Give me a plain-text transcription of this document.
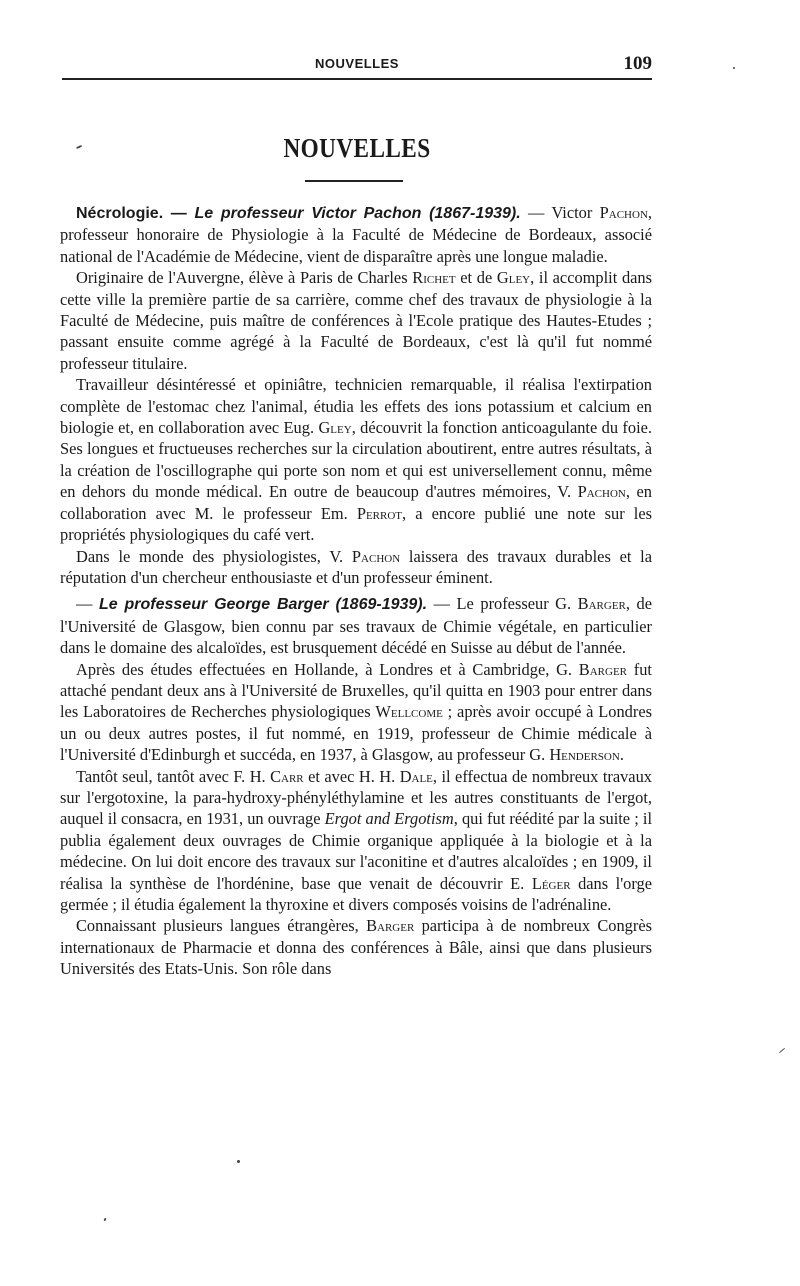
NOUVELLES	109
NOUVELLES

Nécrologie. — Le professeur Victor Pachon (1867-1939). — Victor Pachon, professeur honoraire de Physiologie à la Faculté de Médecine de Bordeaux, associé national de l'Académie de Médecine, vient de disparaître après une longue maladie.

Originaire de l'Auvergne, élève à Paris de Charles Richet et de Gley, il accomplit dans cette ville la première partie de sa carrière, comme chef des travaux de physiologie à la Faculté de Médecine, puis maître de conférences à l'Ecole pratique des Hautes-Etudes ; passant ensuite comme agrégé à la Faculté de Bordeaux, c'est là qu'il fut nommé professeur titulaire.

Travailleur désintéressé et opiniâtre, technicien remarquable, il réalisa l'extirpation complète de l'estomac chez l'animal, étudia les effets des ions potassium et calcium en biologie et, en collaboration avec Eug. Gley, découvrit la fonction anticoagulante du foie. Ses longues et fructueuses recherches sur la circulation aboutirent, entre autres résultats, à la création de l'oscillographe qui porte son nom et qui est universellement connu, même en dehors du monde médical. En outre de beaucoup d'autres mémoires, V. Pachon, en collaboration avec M. le professeur Em. Perrot, a encore publié une note sur les propriétés physiologiques du café vert.

Dans le monde des physiologistes, V. Pachon laissera des travaux durables et la réputation d'un chercheur enthousiaste et d'un professeur éminent.

— Le professeur George Barger (1869-1939). — Le professeur G. Barger, de l'Université de Glasgow, bien connu par ses travaux de Chimie végétale, en particulier dans le domaine des alcaloïdes, est brusquement décédé en Suisse au début de l'année.

Après des études effectuées en Hollande, à Londres et à Cambridge, G. Barger fut attaché pendant deux ans à l'Université de Bruxelles, qu'il quitta en 1903 pour entrer dans les Laboratoires de Recherches physiologiques Wellcome ; après avoir occupé à Londres un ou deux autres postes, il fut nommé, en 1919, professeur de Chimie médicale à l'Université d'Edinburgh et succéda, en 1937, à Glasgow, au professeur G. Henderson.

Tantôt seul, tantôt avec F. H. Carr et avec H. H. Dale, il effectua de nombreux travaux sur l'ergotoxine, la para-hydroxy-phényléthylamine et les autres constituants de l'ergot, auquel il consacra, en 1931, un ouvrage Ergot and Ergotism, qui fut réédité par la suite ; il publia également deux ouvrages de Chimie organique appliquée à la biologie et à la médecine. On lui doit encore des travaux sur l'aconitine et d'autres alcaloïdes ; en 1909, il réalisa la synthèse de l'hordénine, base que venait de découvrir E. Léger dans l'orge germée ; il étudia également la thyroxine et divers composés voisins de l'adrénaline.

Connaissant plusieurs langues étrangères, Barger participa à de nombreux Congrès internationaux de Pharmacie et donna des conférences à Bâle, ainsi que dans plusieurs Universités des Etats-Unis. Son rôle dans
